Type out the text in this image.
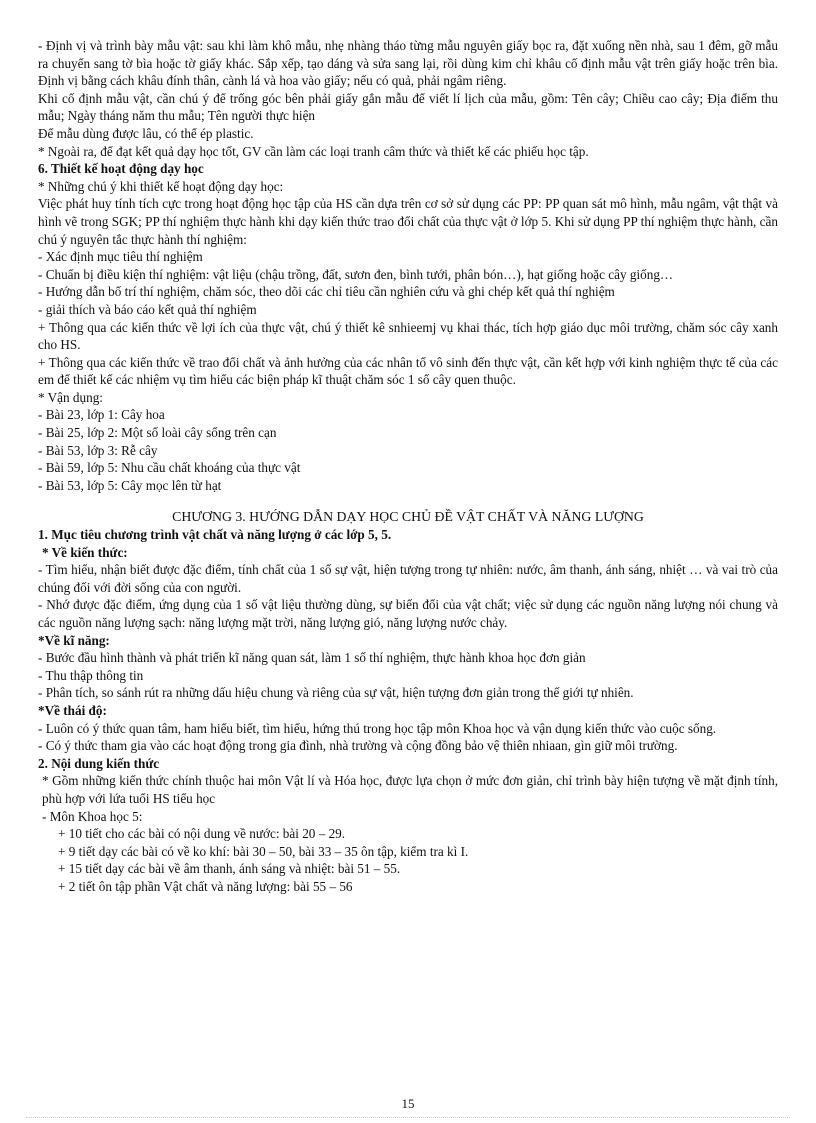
- Định vị và trình bày mẫu vật: sau khi làm khô mẫu, nhẹ nhàng tháo từng mẫu nguyên giấy bọc ra, đặt xuống nền nhà, sau 1 đêm, gỡ mẫu ra chuyển sang tờ bìa hoặc tờ giấy khác. Sắp xếp, tạo dáng và sửa sang lại, rồi dùng kim chỉ khâu cố định mẫu vật trên giấy hoặc trên bìa. Định vị bằng cách khâu đính thân, cành lá và hoa vào giấy; nếu có quả, phải ngâm riêng.

Khi cố định mẫu vật, cần chú ý để trống góc bên phải giấy gắn mẫu để viết lí lịch của mẫu, gồm: Tên cây; Chiều cao cây; Địa điểm thu mẫu; Ngày tháng năm thu mẫu; Tên người thực hiện

Để mẫu dùng được lâu, có thể ép plastic.

* Ngoài ra, để đạt kết quả dạy học tốt, GV cần làm các loại tranh câm thức và thiết kế các phiếu học tập.

6. Thiết kế hoạt động dạy học

* Những chú ý khi thiết kế hoạt động dạy học:

Việc phát huy tính tích cực trong hoạt động học tập của HS cần dựa trên cơ sở sử dụng các PP: PP quan sát mô hình, mẫu ngâm, vật thật và hình vẽ trong SGK; PP thí nghiệm thực hành khi dạy kiến thức trao đổi chất của thực vật ở lớp 5. Khi sử dụng PP thí nghiệm thực hành, cần chú ý nguyên tắc thực hành thí nghiệm:

- Xác định mục tiêu thí nghiệm

- Chuẩn bị điều kiện thí nghiệm: vật liệu (chậu trồng, đất, sươn đen, bình tưới, phân bón…), hạt giống hoặc cây giống…

- Hướng dẫn bố trí thí nghiệm, chăm sóc, theo dõi các chỉ tiêu cần nghiên cứu và ghi chép kết quả thí nghiệm

- giải thích và báo cáo kết quả thí nghiệm

+ Thông qua các kiến thức về lợi ích của thực vật, chú ý thiết kê snhieemj vụ khai thác, tích hợp giáo dục môi trường, chăm sóc cây xanh cho HS.

+ Thông qua các kiến thức về trao đổi chất và ảnh hưởng của các nhân tố vô sinh đến thực vật, cần kết hợp với kinh nghiệm thực tế của các em để thiết kế các nhiệm vụ tìm hiểu các biện pháp kĩ thuật chăm sóc 1 số cây quen thuộc.

* Vận dụng:

- Bài 23, lớp 1: Cây hoa

- Bài 25, lớp 2: Một số loài cây sống trên cạn

- Bài 53, lớp 3: Rễ cây

- Bài 59, lớp 5: Nhu cầu chất khoáng của thực vật

- Bài 53, lớp 5: Cây mọc lên từ hạt

CHƯƠNG 3. HƯỚNG DẪN DẠY HỌC CHỦ ĐỀ VẬT CHẤT VÀ NĂNG LƯỢNG

1. Mục tiêu chương trình vật chất và năng lượng ở các lớp 5, 5.

* Về kiến thức:

- Tìm hiểu, nhận biết được đặc điểm, tính chất của 1 số sự vật, hiện tượng trong tự nhiên: nước, âm thanh, ánh sáng, nhiệt … và vai trò của chúng đối với đời sống của con người.

- Nhớ được đặc điểm, ứng dụng của 1 số vật liệu thường dùng, sự biến đổi của vật chất; việc sử dụng các nguồn năng lượng nói chung và các nguồn năng lượng sạch: năng lượng mặt trời, năng lượng gió, năng lượng nước chảy.

*Về kĩ năng:

- Bước đầu hình thành và phát triển kĩ năng quan sát, làm 1 số thí nghiệm, thực hành khoa học đơn giản

- Thu thập thông tin

- Phân tích, so sánh rút ra những dấu hiệu chung và riêng của sự vật, hiện tượng đơn giản trong thế giới tự nhiên.

*Về thái độ:

- Luôn có ý thức quan tâm, ham hiểu biết, tìm hiểu, hứng thú trong học tập môn Khoa học và vận dụng kiến thức vào cuộc sống.

- Có ý thức tham gia vào các hoạt động trong gia đình, nhà trường và cộng đồng bảo vệ thiên nhiaan, gìn giữ môi trường.

2. Nội dung kiến thức

* Gồm những kiến thức chính thuộc hai môn Vật lí và Hóa học, được lựa chọn ở mức đơn giản, chỉ trình bày hiện tượng về mặt định tính, phù hợp với lứa tuổi HS tiểu học

- Môn Khoa học 5:

+ 10 tiết cho các bài có nội dung về nước: bài 20 – 29.

+ 9 tiết dạy các bài có về ko khí: bài 30 – 50, bài 33 – 35 ôn tập, kiểm tra kì I.

+ 15 tiết dạy các bài về âm thanh, ánh sáng và nhiệt: bài 51 – 55.

+ 2 tiết ôn tập phần Vật chất và năng lượng: bài 55 – 56

15
